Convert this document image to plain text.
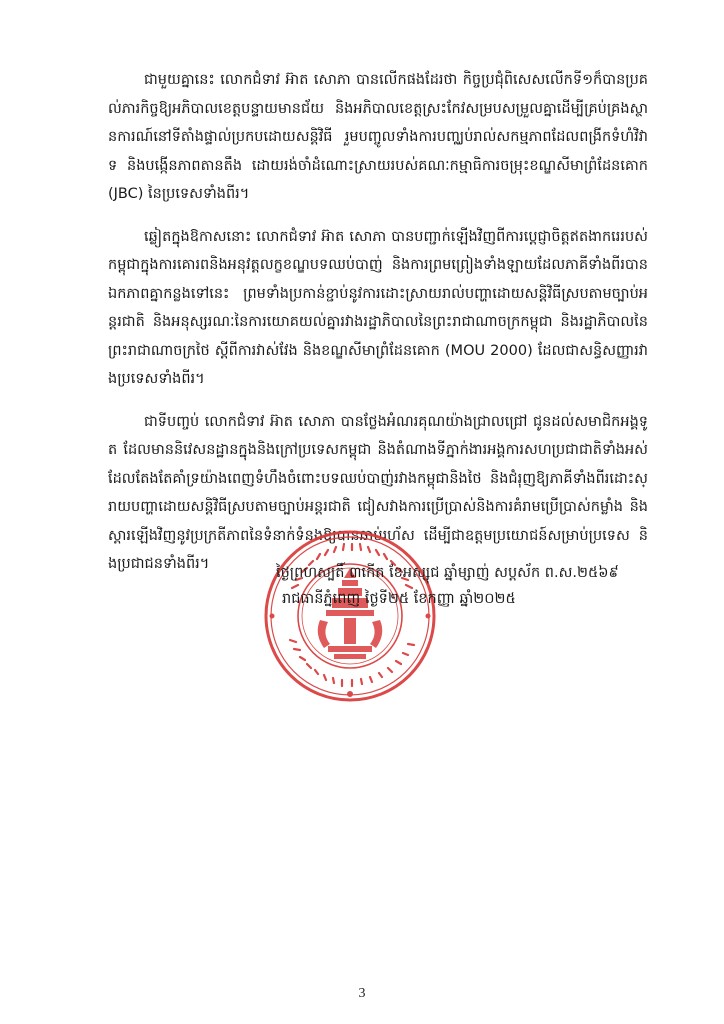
ជាមួយគ្នានេះ លោកជំទាវ អ៊ាត សោភា បានលើកផងដែរថា កិច្ចប្រជុំពិសេសលើកទី១ក៏បានប្រគល់ភារកិច្ចឱ្យអភិបាលខេត្តបន្ទាយមានជ័យ និងអភិបាលខេត្តស្រះកែវសម្របសម្រួលគ្នាដើម្បីគ្រប់គ្រងស្ថានការណ៍នៅទីតាំងផ្ទាល់ប្រកបដោយសន្តិវិធី រួមបញ្ចូលទាំងការបញ្ឈប់រាល់សកម្មភាពដែលពង្រីកទំហំវិវាទ និងបង្កើនភាពតានតឹង ដោយរង់ចាំដំណោះស្រាយរបស់គណៈកម្មាធិការចម្រុះខណ្ឌសីមាព្រំដែនគោក (JBC) នៃប្រទេសទាំងពីរ។

ឆ្លៀតក្នុងឱកាសនោះ លោកជំទាវ អ៊ាត សោភា បានបញ្ជាក់ឡើងវិញពីការប្តេជ្ញាចិត្តឥតងាករេរបស់កម្ពុជាក្នុងការគោរពនិងអនុវត្តលក្ខខណ្ឌបទឈប់បាញ់ និងការព្រមព្រៀងទាំងឡាយដែលភាគីទាំងពីរបានឯកភាពគ្នាកន្លងទៅនេះ ព្រមទាំងប្រកាន់ខ្ជាប់នូវការដោះស្រាយរាល់បញ្ហាដោយសន្តិវិធីស្របតាមច្បាប់អន្តរជាតិ និងអនុស្សរណៈនៃការយោគយល់គ្នារវាងរដ្ឋាភិបាលនៃព្រះរាជាណាចក្រកម្ពុជា និងរដ្ឋាភិបាលនៃព្រះរាជាណាចក្រថៃ ស្តីពីការវាស់វែង និងខណ្ឌសីមាព្រំដែនគោក (MOU 2000) ដែលជាសន្ធិសញ្ញារវាងប្រទេសទាំងពីរ។

ជាទីបញ្ចប់ លោកជំទាវ អ៊ាត សោភា បានថ្លែងអំណរគុណយ៉ាងជ្រាលជ្រៅ ជូនដល់សមាជិកអង្គទូត ដែលមាននិវេសនដ្ឋានក្នុងនិងក្រៅប្រទេសកម្ពុជា និងតំណាងទីភ្នាក់ងារអង្គការសហប្រជាជាតិទាំងអស់ ដែលតែងតែគាំទ្រយ៉ាងពេញទំហឹងចំពោះបទឈប់បាញ់រវាងកម្ពុជានិងថៃ និងជំរុញឱ្យភាគីទាំងពីរដោះស្រាយបញ្ហាដោយសន្តិវិធីស្របតាមច្បាប់អន្តរជាតិ ជៀសវាងការប្រើប្រាស់និងការគំរាមប្រើប្រាស់កម្លាំង និងស្តារឡើងវិញនូវប្រក្រតីភាពនៃទំនាក់ទំនងឱ្យបានឆាប់រហ័ស ដើម្បីជាឧត្តមប្រយោជន៍សម្រាប់ប្រទេស និងប្រជាជនទាំងពីរ។

ថ្ងៃព្រហស្បតិ៍ ៣កើត ខែអស្សុជ ឆ្នាំម្សាញ់ សប្តស័ក ព.ស.២៥៦៩
រាជធានីភ្នំពេញ ថ្ងៃទី២៥ ខែកញ្ញា ឆ្នាំ២០២៥
3
